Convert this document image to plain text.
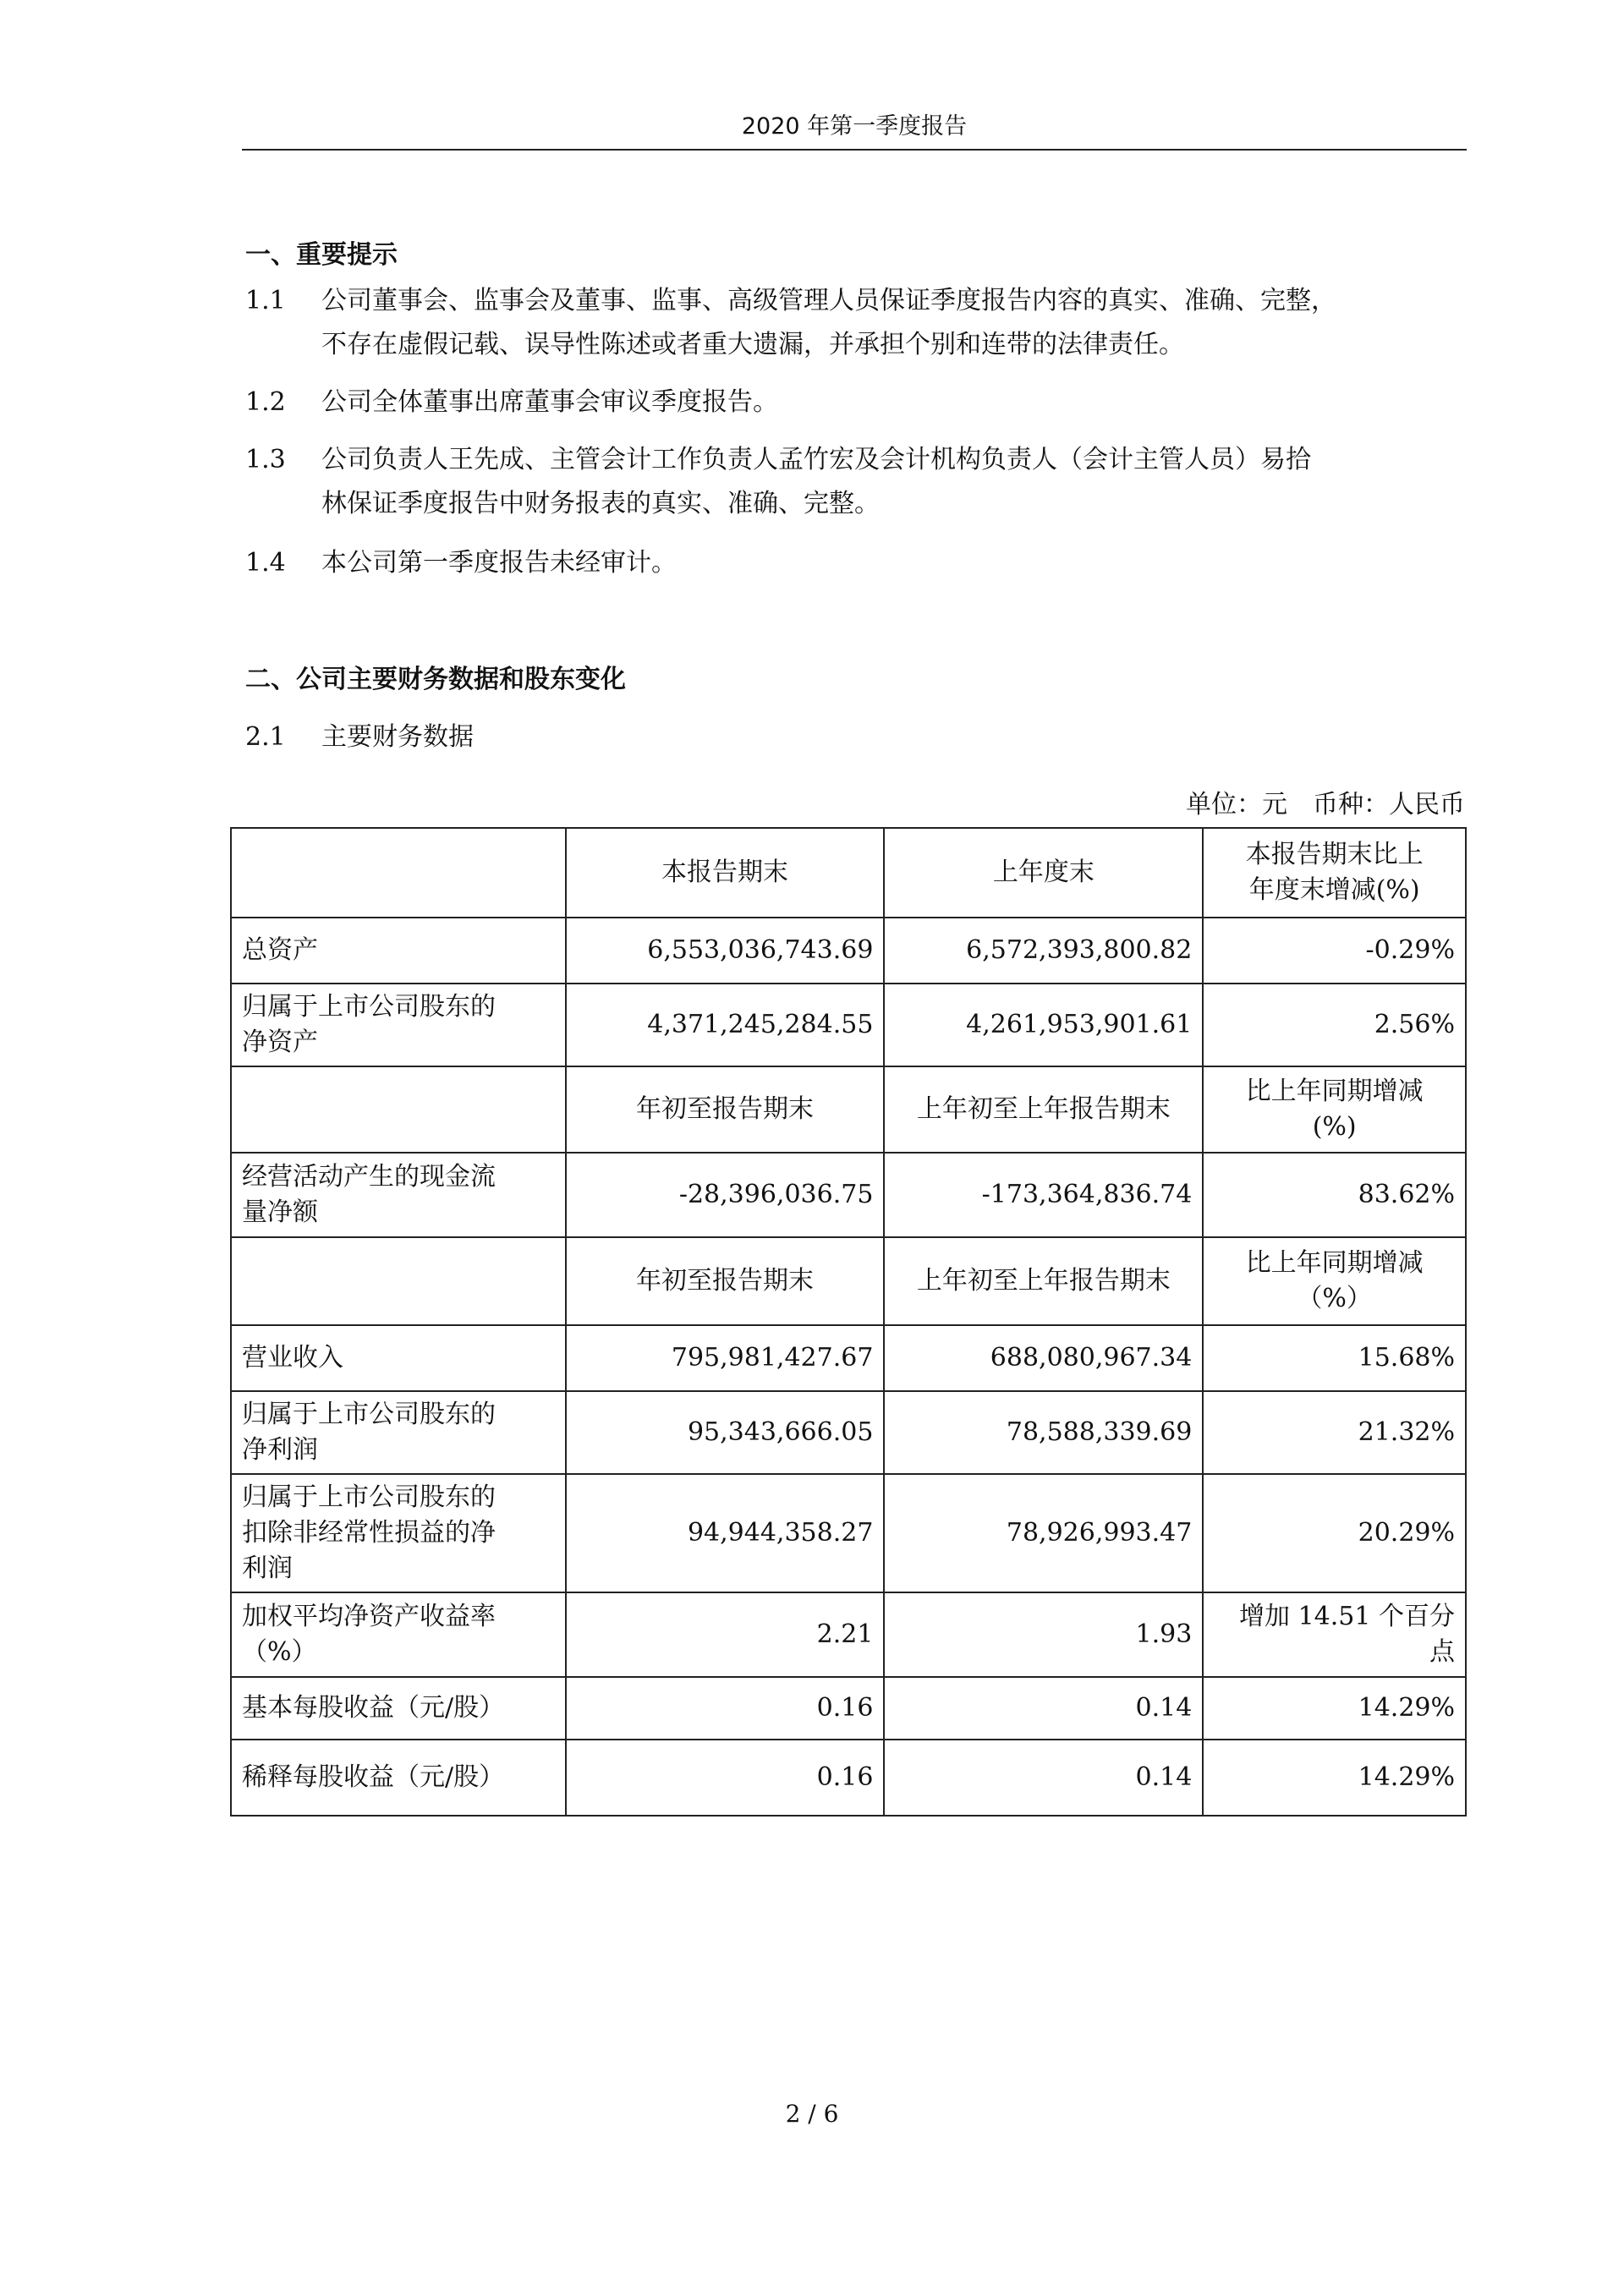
2020 年第一季度报告
一、重要提示
1.1 公司董事会、监事会及董事、监事、高级管理人员保证季度报告内容的真实、准确、完整，
不存在虚假记载、误导性陈述或者重大遗漏，并承担个别和连带的法律责任。
1.2 公司全体董事出席董事会审议季度报告。
1.3 公司负责人王先成、主管会计工作负责人孟竹宏及会计机构负责人（会计主管人员）易拾
林保证季度报告中财务报表的真实、准确、完整。
1.4 本公司第一季度报告未经审计。
二、公司主要财务数据和股东变化
2.1 主要财务数据
单位：元　币种：人民币
	本报告期末	上年度末	本报告期末比上
年度末增减(%)
总资产	6,553,036,743.69	6,572,393,800.82	-0.29%
归属于上市公司股东的
净资产	4,371,245,284.55	4,261,953,901.61	2.56%
	年初至报告期末	上年初至上年报告期末	比上年同期增减
(%)
经营活动产生的现金流
量净额	-28,396,036.75	-173,364,836.74	83.62%
	年初至报告期末	上年初至上年报告期末	比上年同期增减
（%）
营业收入	795,981,427.67	688,080,967.34	15.68%
归属于上市公司股东的
净利润	95,343,666.05	78,588,339.69	21.32%
归属于上市公司股东的
扣除非经常性损益的净
利润	94,944,358.27	78,926,993.47	20.29%
加权平均净资产收益率
（%）	2.21	1.93	增加 14.51 个百分
点
基本每股收益（元/股）	0.16	0.14	14.29%
稀释每股收益（元/股）	0.16	0.14	14.29%
2 / 6
